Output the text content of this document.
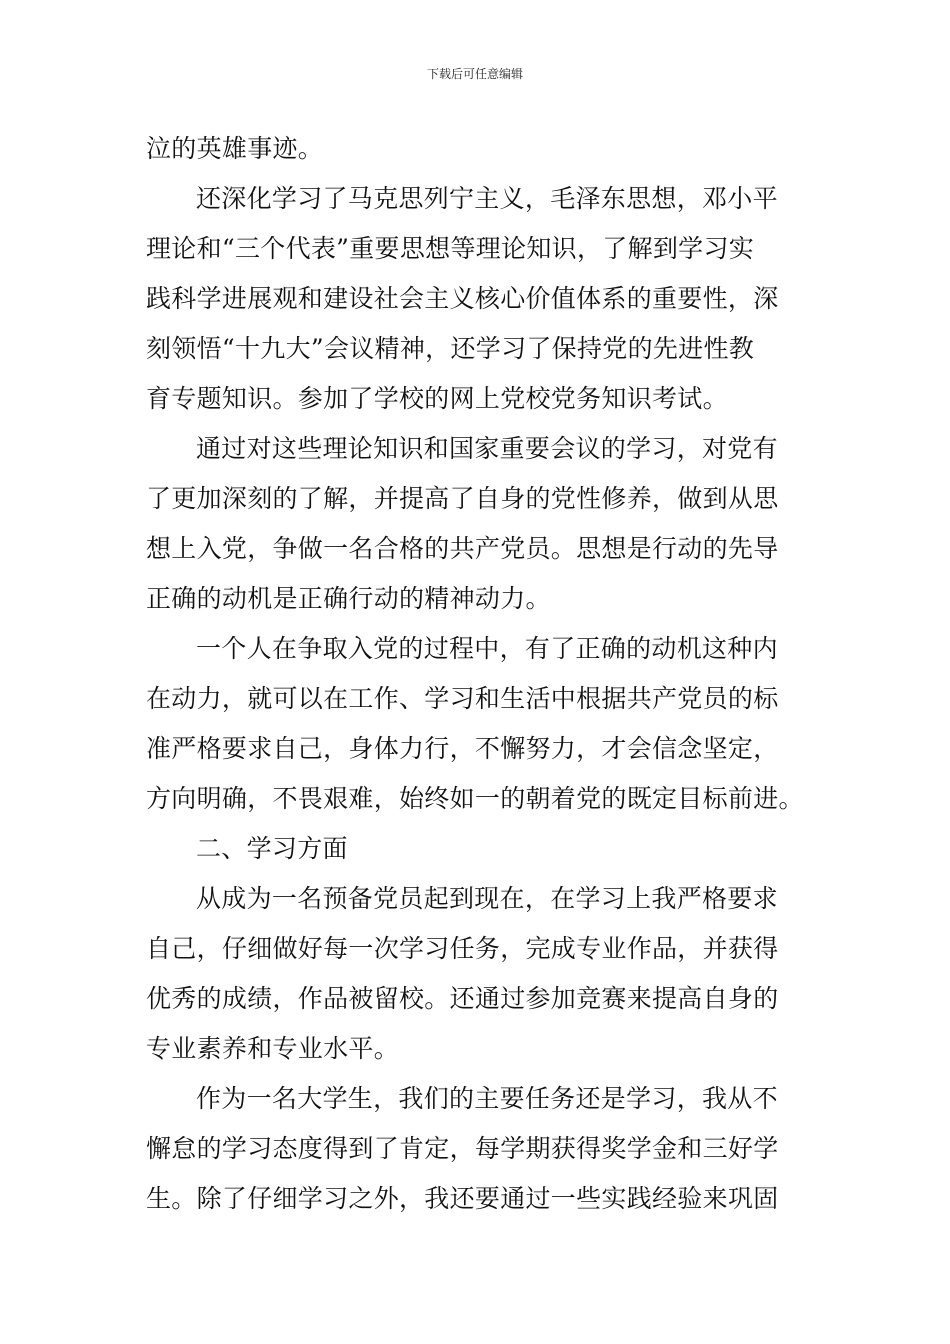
下载后可任意编辑
泣的英雄事迹。
还深化学习了马克思列宁主义，毛泽东思想，邓小平
理论和“三个代表”重要思想等理论知识，了解到学习实
践科学进展观和建设社会主义核心价值体系的重要性，深
刻领悟“十九大”会议精神，还学习了保持党的先进性教
育专题知识。参加了学校的网上党校党务知识考试。
通过对这些理论知识和国家重要会议的学习，对党有
了更加深刻的了解，并提高了自身的党性修养，做到从思
想上入党，争做一名合格的共产党员。思想是行动的先导
正确的动机是正确行动的精神动力。
一个人在争取入党的过程中，有了正确的动机这种内
在动力，就可以在工作、学习和生活中根据共产党员的标
准严格要求自己，身体力行，不懈努力，才会信念坚定，
方向明确，不畏艰难，始终如一的朝着党的既定目标前进。
二、学习方面
从成为一名预备党员起到现在，在学习上我严格要求
自己，仔细做好每一次学习任务，完成专业作品，并获得
优秀的成绩，作品被留校。还通过参加竞赛来提高自身的
专业素养和专业水平。
作为一名大学生，我们的主要任务还是学习，我从不
懈怠的学习态度得到了肯定，每学期获得奖学金和三好学
生。除了仔细学习之外，我还要通过一些实践经验来巩固
